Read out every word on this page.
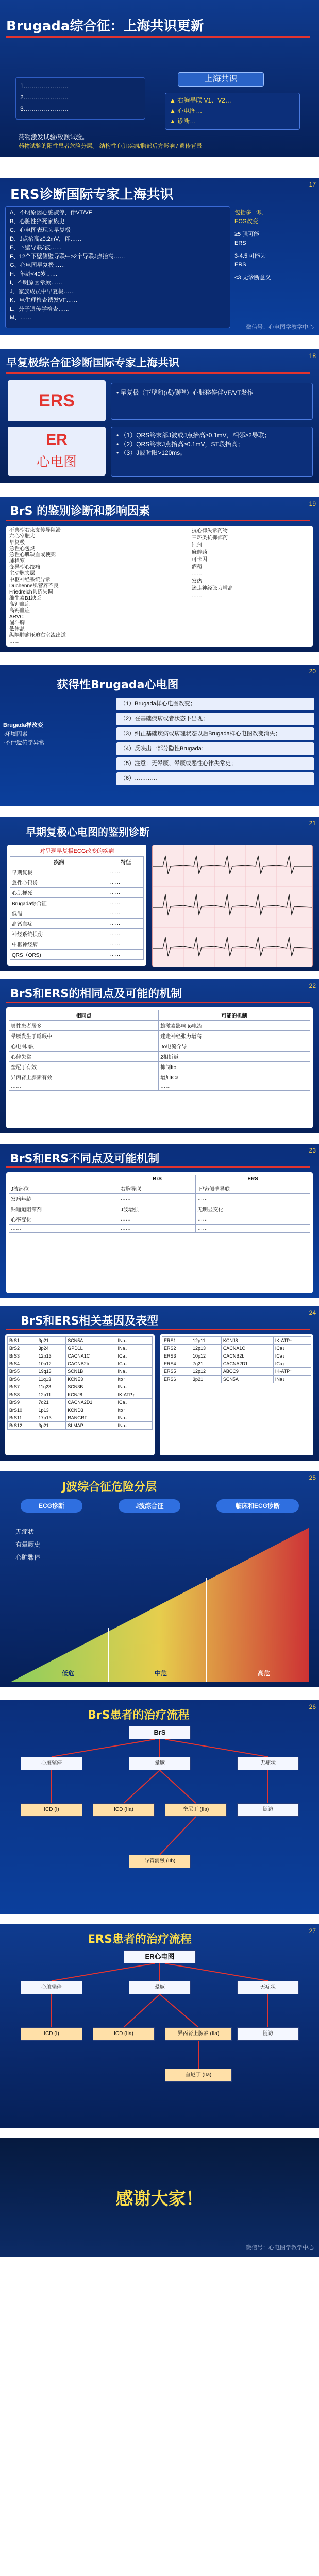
Brugada综合征：上海共识更新
上海共识
▲ 右胸导联 V1、V2…
▲ 心电图…
▲ 诊断…
1.…………………
2.…………………
3.…………………
药物激发试验/致颤试验。
药物试验的阳性患者危险分层。 结构性心脏疾病/胸部后方影响 / 遗传背景
17
ERS诊断国际专家上海共识
A、不明原因心脏骤停，伴VT/VF
B、心脏性猝死家族史
C、心电图表现为早复极
D、J点抬高≥0.2mV，伴……
E、下壁导联J波……
F、12个下壁侧壁导联中≥2个导联J点抬高……
G、心电图早复极……
H、年龄<40岁……
I、不明原因晕厥……
J、家族成员中早复极……
K、电生理检查诱发VF……
L、分子遗传学检查……
M、……
包括多一项
ECG改变
≥5 强可能
ERS
3-4.5 可能为
ERS
<3 无诊断意义
微信号：心电图学教学中心
18
早复极综合征诊断国际专家上海共识
ERS	• 早复极（下壁和(或)侧壁）心脏猝停伴VF/VT发作
ER
心电图
• （1）QRS终末部J波或J点抬高≥0.1mV，相邻≥2导联；
• （2）QRS终末J点抬高≥0.1mV，ST段抬高；
• （3）J波时限>120ms。
19
BrS 的鉴别诊断和影响因素
不典型右束支传导阻滞
左心室肥大
早复极
急性心包炎
急性心肌缺血或梗死
肺栓塞
变异型心绞痛
主动脉夹层
中枢神经系统异常
Duchenne肌营养不良
Friedreich共济失调
维生素B1缺乏
高钾血症
高钙血症
ARVC
漏斗胸
低体温
纵隔肿瘤压迫右室流出道
……
抗心律失常药物
三环类抗抑郁药
锂剂
麻醉药
可卡因
酒精
……
发热
迷走神经张力增高
……
20
获得性Brugada心电图
Brugada样改变
·环境因素
·不伴遗传学异常
（1）Brugada样心电图改变；
（2）在基础疾病或者状态下出现；
（3）纠正基础疾病或病理状态以后Brugada样心电图改变消失；
（4）反映出一部分隐性Brugada；
（5）注意：无晕厥、晕厥或恶性心律失常史；
（6）…………
21
早期复极心电图的鉴别诊断
对呈现早复极ECG改变的疾病
疾病	特征
早期复极	……
急性心包炎	……
心肌梗死	……
Brugada综合征	……
低温	……
高钙血症	……
神经系统损伤	……
中枢神经病	……
QRS（ORS)	……
22
BrS和ERS的相同点及可能的机制
相同点	可能的机制
男性患者居多	雄激素影响Ito电流
晕厥发生于睡眠中	迷走神经张力增高
心电图J波	Ito电流介导
心律失常	2相折返
奎尼丁有效	抑制Ito
异丙肾上腺素有效	增加ICa
……	……
23
BrS和ERS不同点及可能机制
	BrS	ERS
J波部位	右胸导联	下壁/侧壁导联
发病年龄	……	……
钠通道阻滞剂	J波增强	无明显变化
心率变化	……	……
……	……	……
24
BrS和ERS相关基因及表型
BrS1	3p21	SCN5A	INa↓
BrS2	3p24	GPD1L	INa↓
BrS3	12p13	CACNA1C	ICa↓
BrS4	10p12	CACNB2b	ICa↓
BrS5	19q13	SCN1B	INa↓
BrS6	11q13	KCNE3	Ito↑
BrS7	11q23	SCN3B	INa↓
BrS8	12p11	KCNJ8	IK-ATP↑
BrS9	7q21	CACNA2D1	ICa↓
BrS10	1p13	KCND3	Ito↑
BrS11	17p13	RANGRF	INa↓
BrS12	3p21	SLMAP	INa↓
ERS1	12p11	KCNJ8	IK-ATP↑
ERS2	12p13	CACNA1C	ICa↓
ERS3	10p12	CACNB2b	ICa↓
ERS4	7q21	CACNA2D1	ICa↓
ERS5	12p12	ABCC9	IK-ATP↑
ERS6	3p21	SCN5A	INa↓
25
J波综合征危险分层
ECG诊断	J波综合征	临床和ECG诊断
低危	中危	高危
无症状
有晕厥史
心脏骤停
26
BrS患者的治疗流程
BrS
心脏骤停	晕厥	无症状
ICD (I)	ICD (IIa)	奎尼丁 (IIa)	随访
导管消融 (IIb)
27
ERS患者的治疗流程
ER心电图
心脏骤停	晕厥	无症状
ICD (I)	ICD (IIa)	异丙肾上腺素 (IIa)
奎尼丁 (IIa)
随访
感谢大家！
微信号：心电图学教学中心
